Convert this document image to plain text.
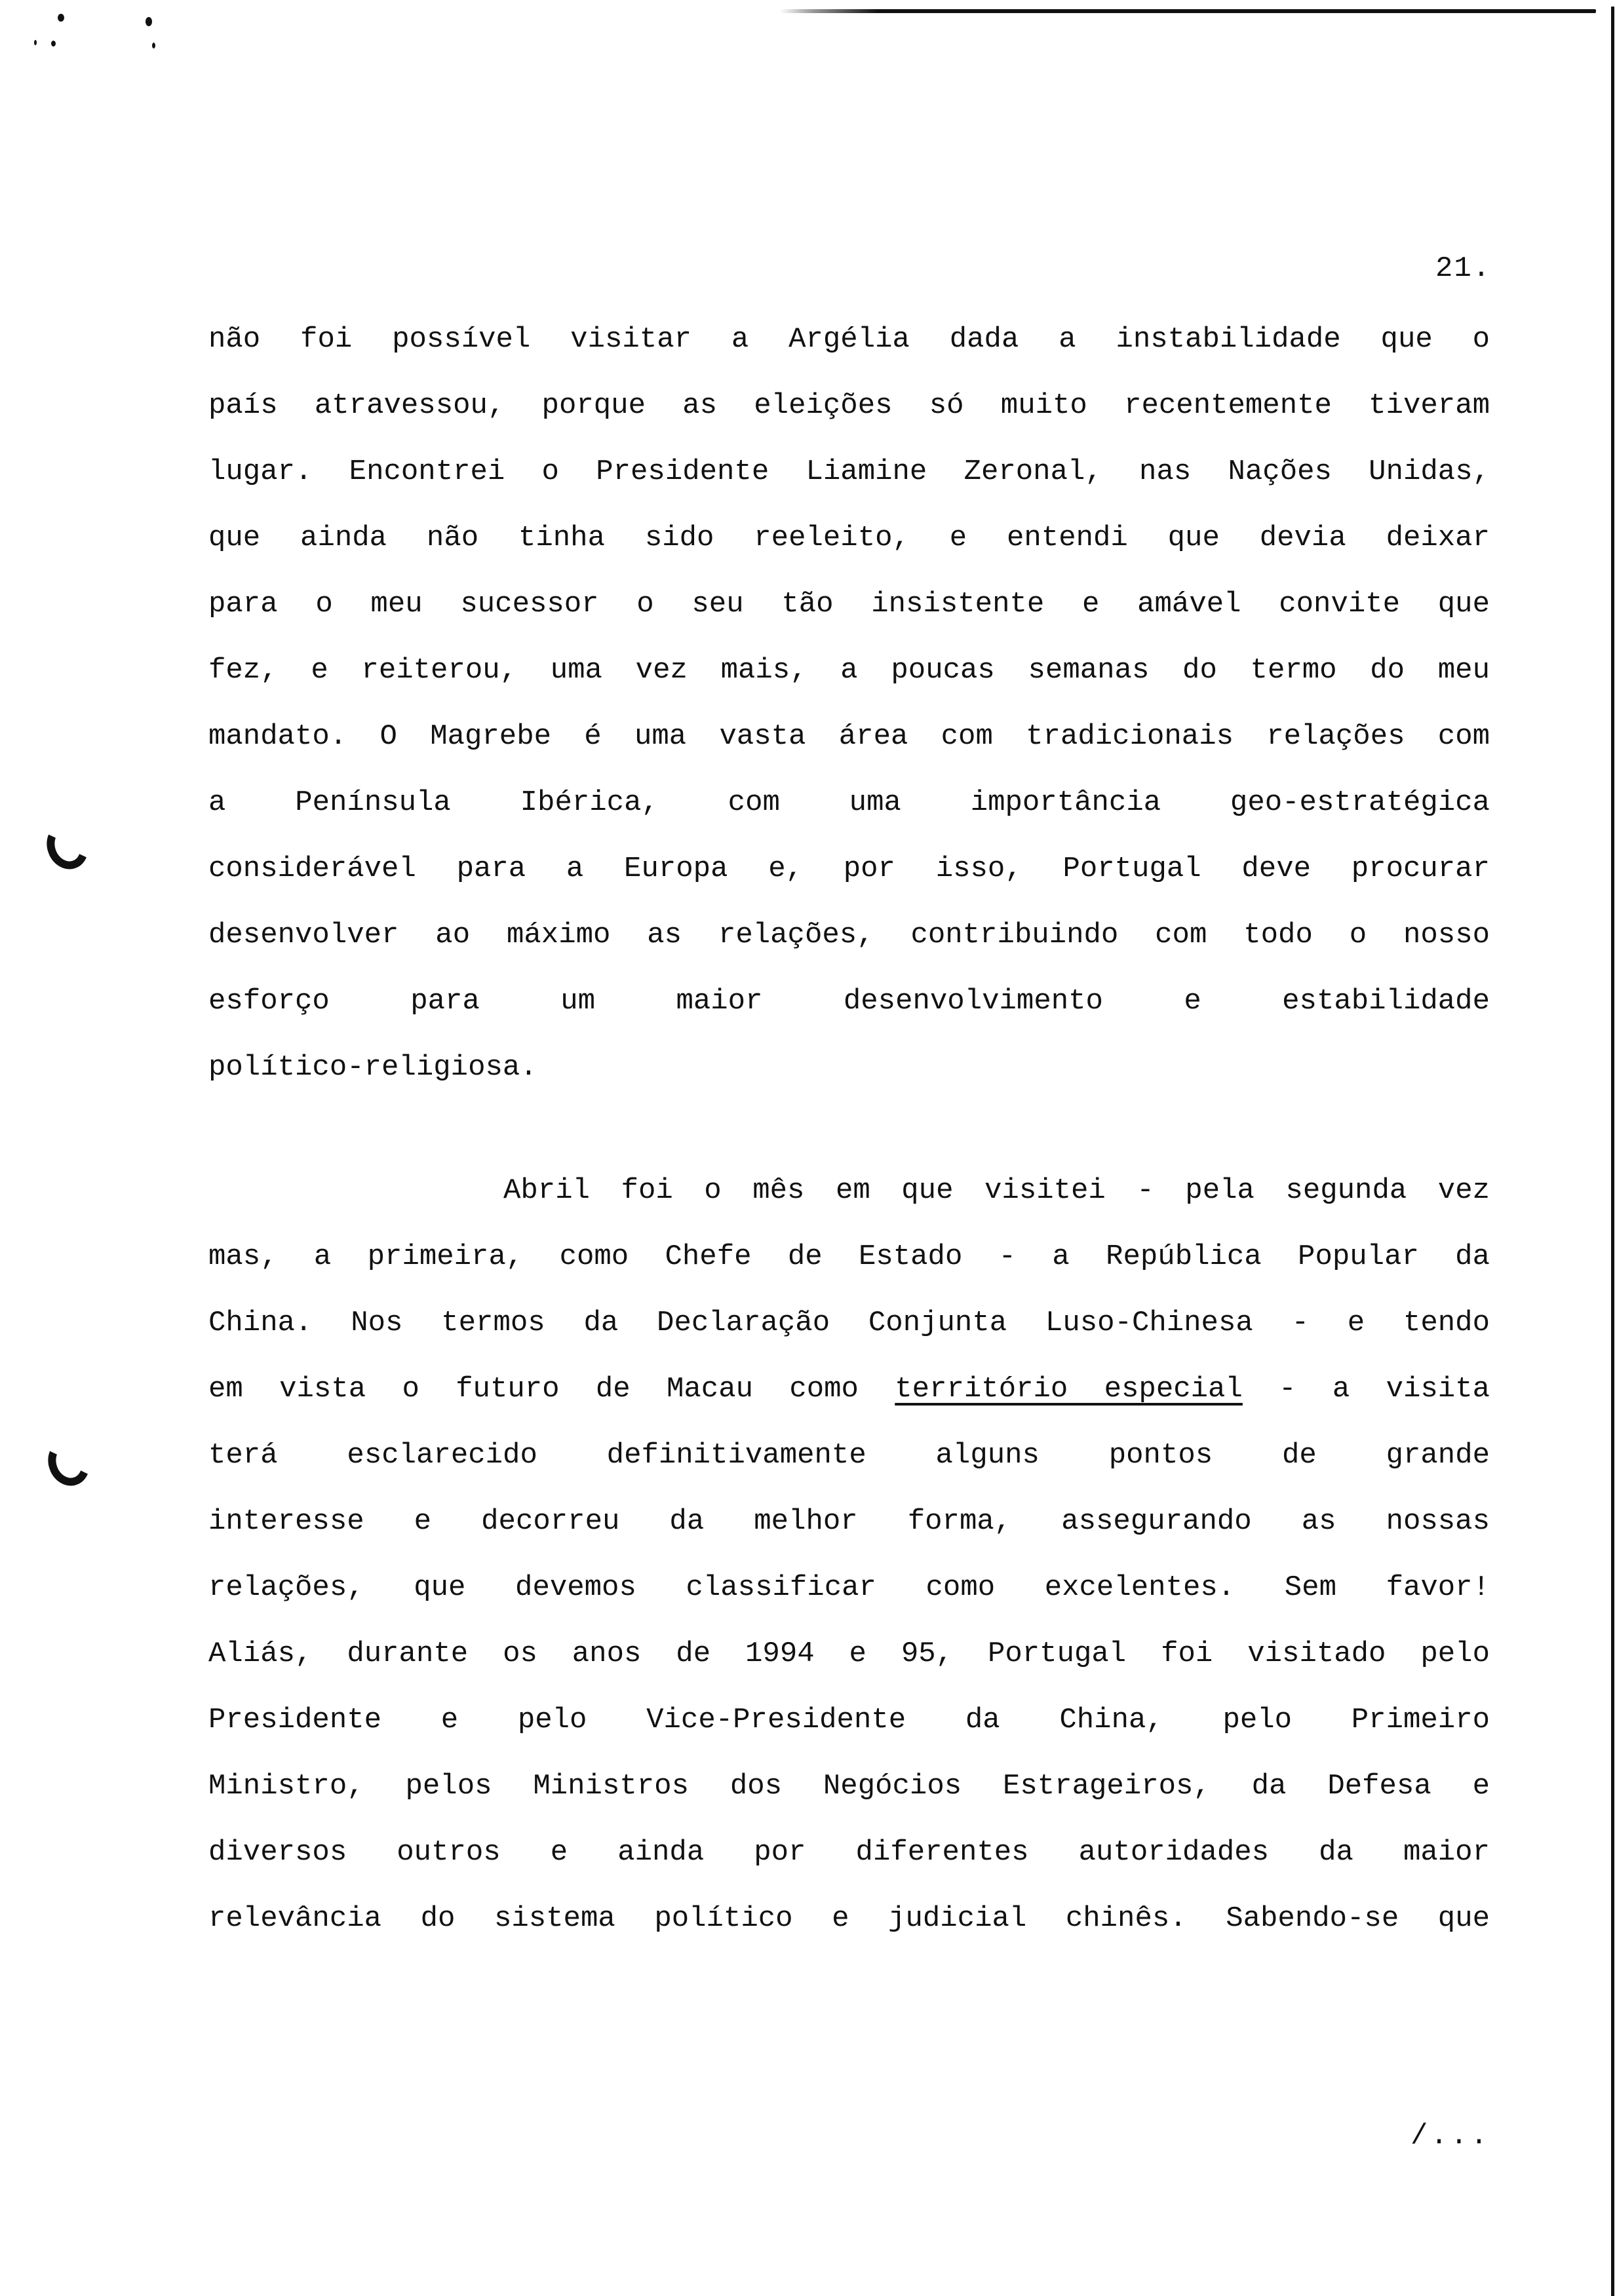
21.
não foi possível visitar a Argélia dada a instabilidade que o
país atravessou, porque as eleições só muito recentemente tiveram
lugar. Encontrei o Presidente Liamine Zeronal, nas Nações Unidas,
que ainda não tinha sido reeleito, e entendi que devia deixar
para o meu sucessor o seu tão insistente e amável convite que
fez, e reiterou, uma vez mais, a poucas semanas do termo do meu
mandato. O Magrebe é uma vasta área com tradicionais relações com
a Península Ibérica, com uma importância geo-estratégica
considerável para a Europa e, por isso, Portugal deve procurar
desenvolver ao máximo as relações, contribuindo com todo o nosso
esforço para um maior desenvolvimento e estabilidade
político-religiosa.
Abril foi o mês em que visitei - pela segunda vez
mas, a primeira, como Chefe de Estado - a República Popular da
China. Nos termos da Declaração Conjunta Luso-Chinesa - e tendo
em vista o futuro de Macau como território especial - a visita
terá esclarecido definitivamente alguns pontos de grande
interesse e decorreu da melhor forma, assegurando as nossas
relações, que devemos classificar como excelentes. Sem favor!
Aliás, durante os anos de 1994 e 95, Portugal foi visitado pelo
Presidente e pelo Vice-Presidente da China, pelo Primeiro
Ministro, pelos Ministros dos Negócios Estrageiros, da Defesa e
diversos outros e ainda por diferentes autoridades da maior
relevância do sistema político e judicial chinês. Sabendo-se que
/...
